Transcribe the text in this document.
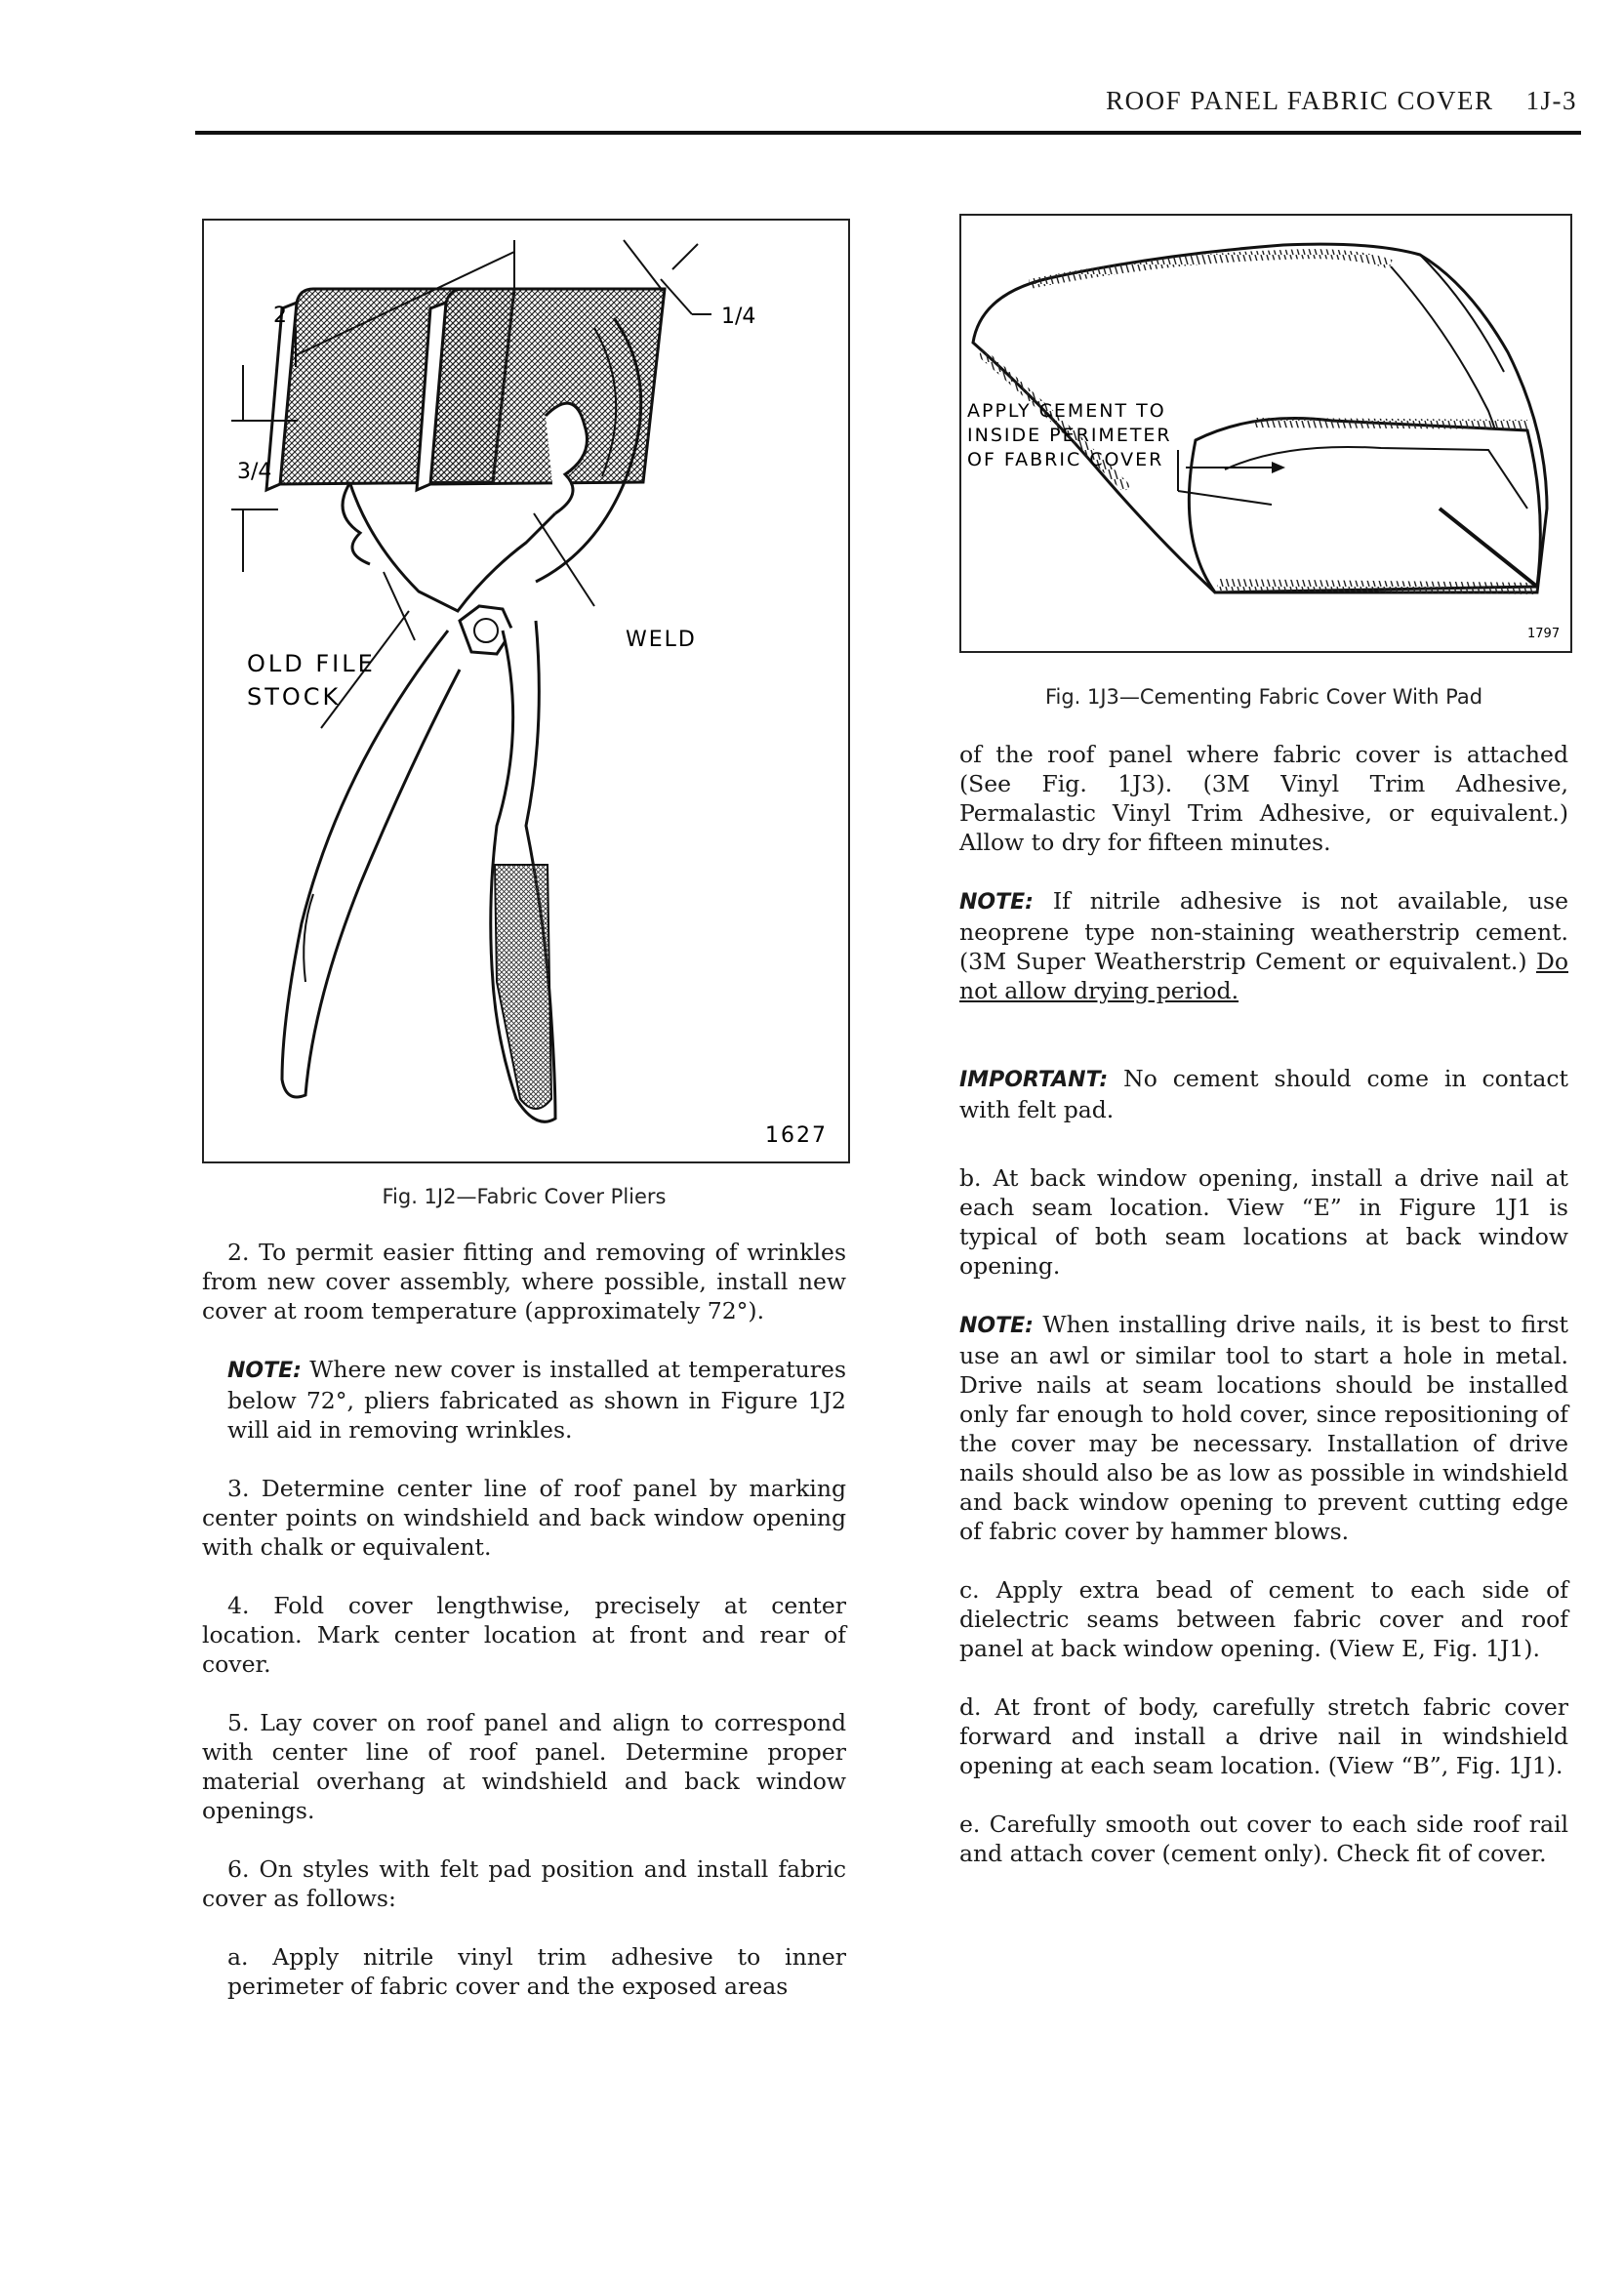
ROOF PANEL FABRIC COVER 1J-3
2	1/4
3/4
WELD
OLD FILE
STOCK
1627
Fig. 1J2—Fabric Cover Pliers
APPLY CEMENT TO
INSIDE PERIMETER
OF FABRIC COVER
1797
Fig. 1J3—Cementing Fabric Cover With Pad

2. To permit easier fitting and removing of wrinkles from new cover assembly, where possible, install new cover at room temperature (approximately 72°).

NOTE: Where new cover is installed at temperatures below 72°, pliers fabricated as shown in Figure 1J2 will aid in removing wrinkles.

3. Determine center line of roof panel by marking center points on windshield and back window opening with chalk or equivalent.

4. Fold cover lengthwise, precisely at center location. Mark center location at front and rear of cover.

5. Lay cover on roof panel and align to correspond with center line of roof panel. Determine proper material overhang at windshield and back window openings.

6. On styles with felt pad position and install fabric cover as follows:

a. Apply nitrile vinyl trim adhesive to inner perimeter of fabric cover and the exposed areas

of the roof panel where fabric cover is attached (See Fig. 1J3). (3M Vinyl Trim Adhesive, Permalastic Vinyl Trim Adhesive, or equivalent.) Allow to dry for fifteen minutes.

NOTE: If nitrile adhesive is not available, use neoprene type non-staining weatherstrip cement. (3M Super Weatherstrip Cement or equivalent.) Do not allow drying period.

IMPORTANT: No cement should come in contact with felt pad.

b. At back window opening, install a drive nail at each seam location. View “E” in Figure 1J1 is typical of both seam locations at back window opening.

NOTE: When installing drive nails, it is best to first use an awl or similar tool to start a hole in metal. Drive nails at seam locations should be installed only far enough to hold cover, since repositioning of the cover may be necessary. Installation of drive nails should also be as low as possible in windshield and back window opening to prevent cutting edge of fabric cover by hammer blows.

c. Apply extra bead of cement to each side of dielectric seams between fabric cover and roof panel at back window opening. (View E, Fig. 1J1).

d. At front of body, carefully stretch fabric cover forward and install a drive nail in windshield opening at each seam location. (View “B”, Fig. 1J1).

e. Carefully smooth out cover to each side roof rail and attach cover (cement only). Check fit of cover.
